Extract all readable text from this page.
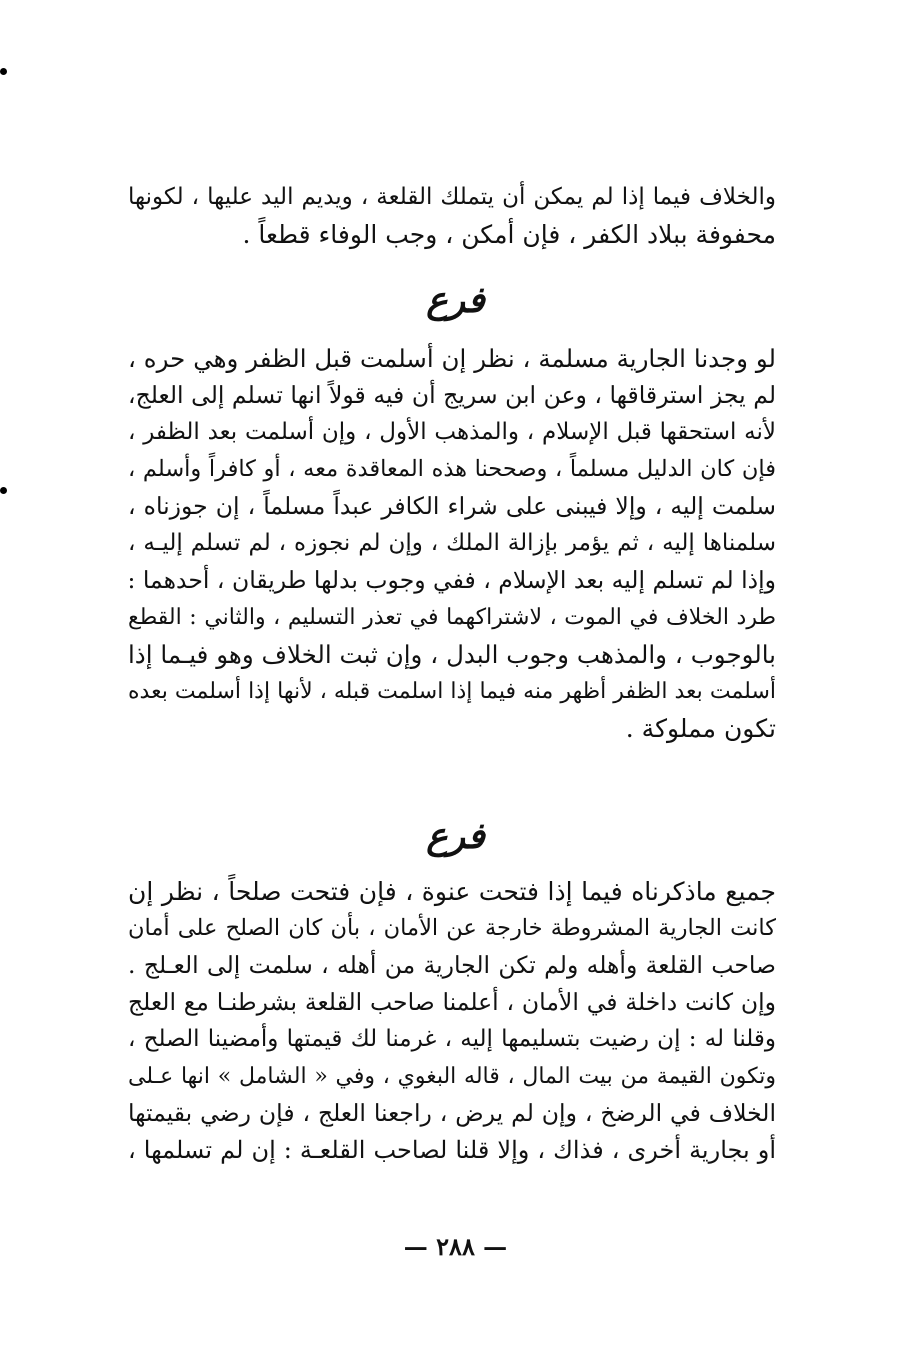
والخلاف فيما إذا لم يمكن أن يتملك القلعة ، ويديم اليد عليها ، لكونها
محفوفة ببلاد الكفر ، فإن أمكن ، وجب الوفاء قطعاً .
فرع
لو وجدنا الجارية مسلمة ، نظر إن أسلمت قبل الظفر وهي حره ،
لم يجز استرقاقها ، وعن ابن سريج أن فيه قولاً انها تسلم إلى العلج،
لأنه استحقها قبل الإسلام ، والمذهب الأول ، وإن أسلمت بعد الظفر ،
فإن كان الدليل مسلماً ، وصححنا هذه المعاقدة معه ، أو كافراً وأسلم ،
سلمت إليه ، وإلا فيبنى على شراء الكافر عبداً مسلماً ، إن جوزناه ،
سلمناها إليه ، ثم يؤمر بإزالة الملك ، وإن لم نجوزه ، لم تسلم إليـه ،
وإذا لم تسلم إليه بعد الإسلام ، ففي وجوب بدلها طريقان ، أحدهما :
طرد الخلاف في الموت ، لاشتراكهما في تعذر التسليم ، والثاني : القطع
بالوجوب ، والمذهب وجوب البدل ، وإن ثبت الخلاف وهو فيـما إذا
أسلمت بعد الظفر أظهر منه فيما إذا اسلمت قبله ، لأنها إذا أسلمت بعده
تكون مملوكة .
فرع
جميع ماذكرناه فيما إذا فتحت عنوة ، فإن فتحت صلحاً ، نظر إن
كانت الجارية المشروطة خارجة عن الأمان ، بأن كان الصلح على أمان
صاحب القلعة وأهله ولم تكن الجارية من أهله ، سلمت إلى العـلج .
وإن كانت داخلة في الأمان ، أعلمنا صاحب القلعة بشرطنـا مع العلج
وقلنا له : إن رضيت بتسليمها إليه ، غرمنا لك قيمتها وأمضينا الصلح ،
وتكون القيمة من بيت المال ، قاله البغوي ، وفي « الشامل » انها عـلى
الخلاف في الرضخ ، وإن لم يرض ، راجعنا العلج ، فإن رضي بقيمتها
أو بجارية أخرى ، فذاك ، وإلا قلنا لصاحب القلعـة : إن لم تسلمها ،
— ٢٨٨ —
